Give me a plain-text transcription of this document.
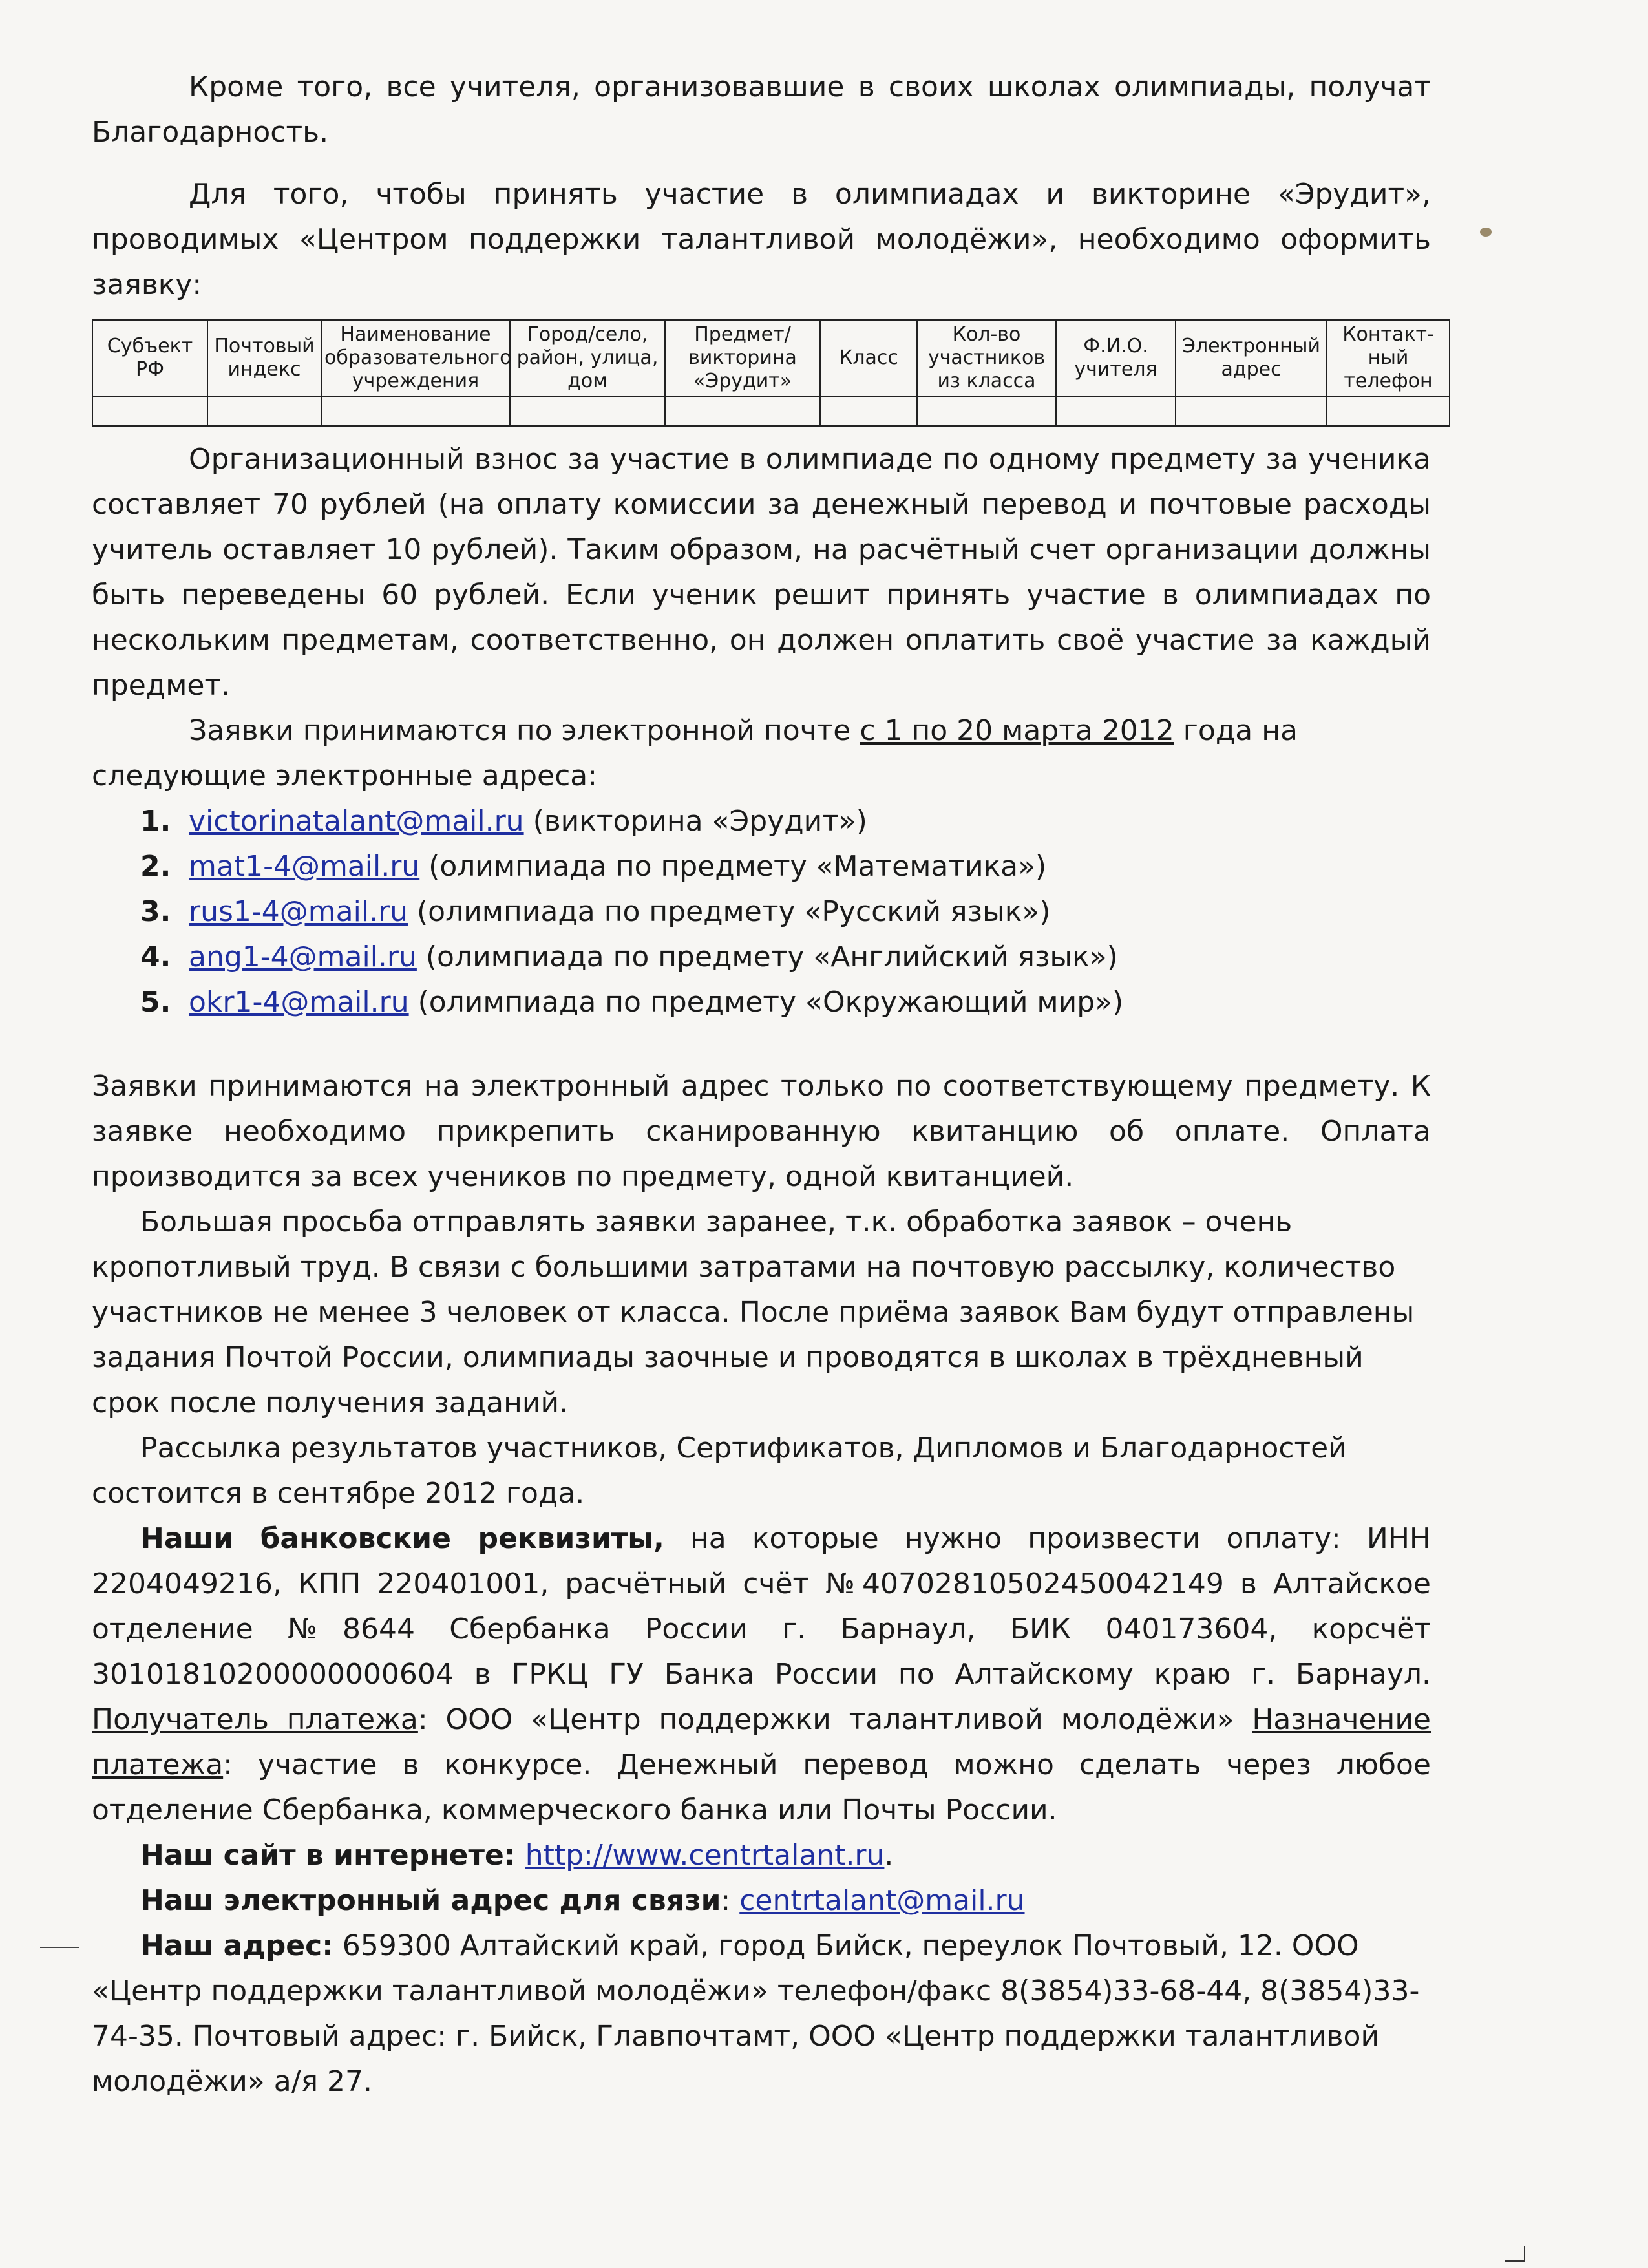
Кроме того, все учителя, организовавшие в своих школах олимпиады, получат Благодарность.

Для того, чтобы принять участие в олимпиадах и викторине «Эрудит», проводимых «Центром поддержки талантливой молодёжи», необходимо оформить заявку:

Субъект РФ	Почтовый индекс	Наименование образовательного учреждения	Город/село, район, улица, дом	Предмет/ викторина «Эрудит»	Класс	Кол-во участников из класса	Ф.И.О. учителя	Электронный адрес	Контакт-ный телефон

Организационный взнос за участие в олимпиаде по одному предмету за ученика составляет 70 рублей (на оплату комиссии за денежный перевод и почтовые расходы учитель оставляет 10 рублей). Таким образом, на расчётный счет организации должны быть переведены 60 рублей. Если ученик решит принять участие в олимпиадах по нескольким предметам, соответственно, он должен оплатить своё участие за каждый предмет.

Заявки принимаются по электронной почте с 1 по 20 марта 2012 года на следующие электронные адреса:

1. victorinatalant@mail.ru (викторина «Эрудит»)
2. mat1-4@mail.ru (олимпиада по предмету «Математика»)
3. rus1-4@mail.ru (олимпиада по предмету «Русский язык»)
4. ang1-4@mail.ru (олимпиада по предмету «Английский язык»)
5. okr1-4@mail.ru (олимпиада по предмету «Окружающий мир»)

Заявки принимаются на электронный адрес только по соответствующему предмету. К заявке необходимо прикрепить сканированную квитанцию об оплате. Оплата производится за всех учеников по предмету, одной квитанцией.

Большая просьба отправлять заявки заранее, т.к. обработка заявок – очень кропотливый труд. В связи с большими затратами на почтовую рассылку, количество участников не менее 3 человек от класса. После приёма заявок Вам будут отправлены задания Почтой России, олимпиады заочные и проводятся в школах в трёхдневный срок после получения заданий.

Рассылка результатов участников, Сертификатов, Дипломов и Благодарностей состоится в сентябре 2012 года.

Наши банковские реквизиты, на которые нужно произвести оплату: ИНН 2204049216, КПП 220401001, расчётный счёт №40702810502450042149 в Алтайское отделение №8644 Сбербанка России г. Барнаул, БИК 040173604, корсчёт 30101810200000000604 в ГРКЦ ГУ Банка России по Алтайскому краю г. Барнаул. Получатель платежа: ООО «Центр поддержки талантливой молодёжи» Назначение платежа: участие в конкурсе. Денежный перевод можно сделать через любое отделение Сбербанка, коммерческого банка или Почты России.

Наш сайт в интернете: http://www.centrtalant.ru.

Наш электронный адрес для связи: centrtalant@mail.ru

Наш адрес: 659300 Алтайский край, город Бийск, переулок Почтовый, 12. ООО «Центр поддержки талантливой молодёжи» телефон/факс 8(3854)33-68-44, 8(3854)33-74-35. Почтовый адрес: г. Бийск, Главпочтамт, ООО «Центр поддержки талантливой молодёжи» а/я 27.
